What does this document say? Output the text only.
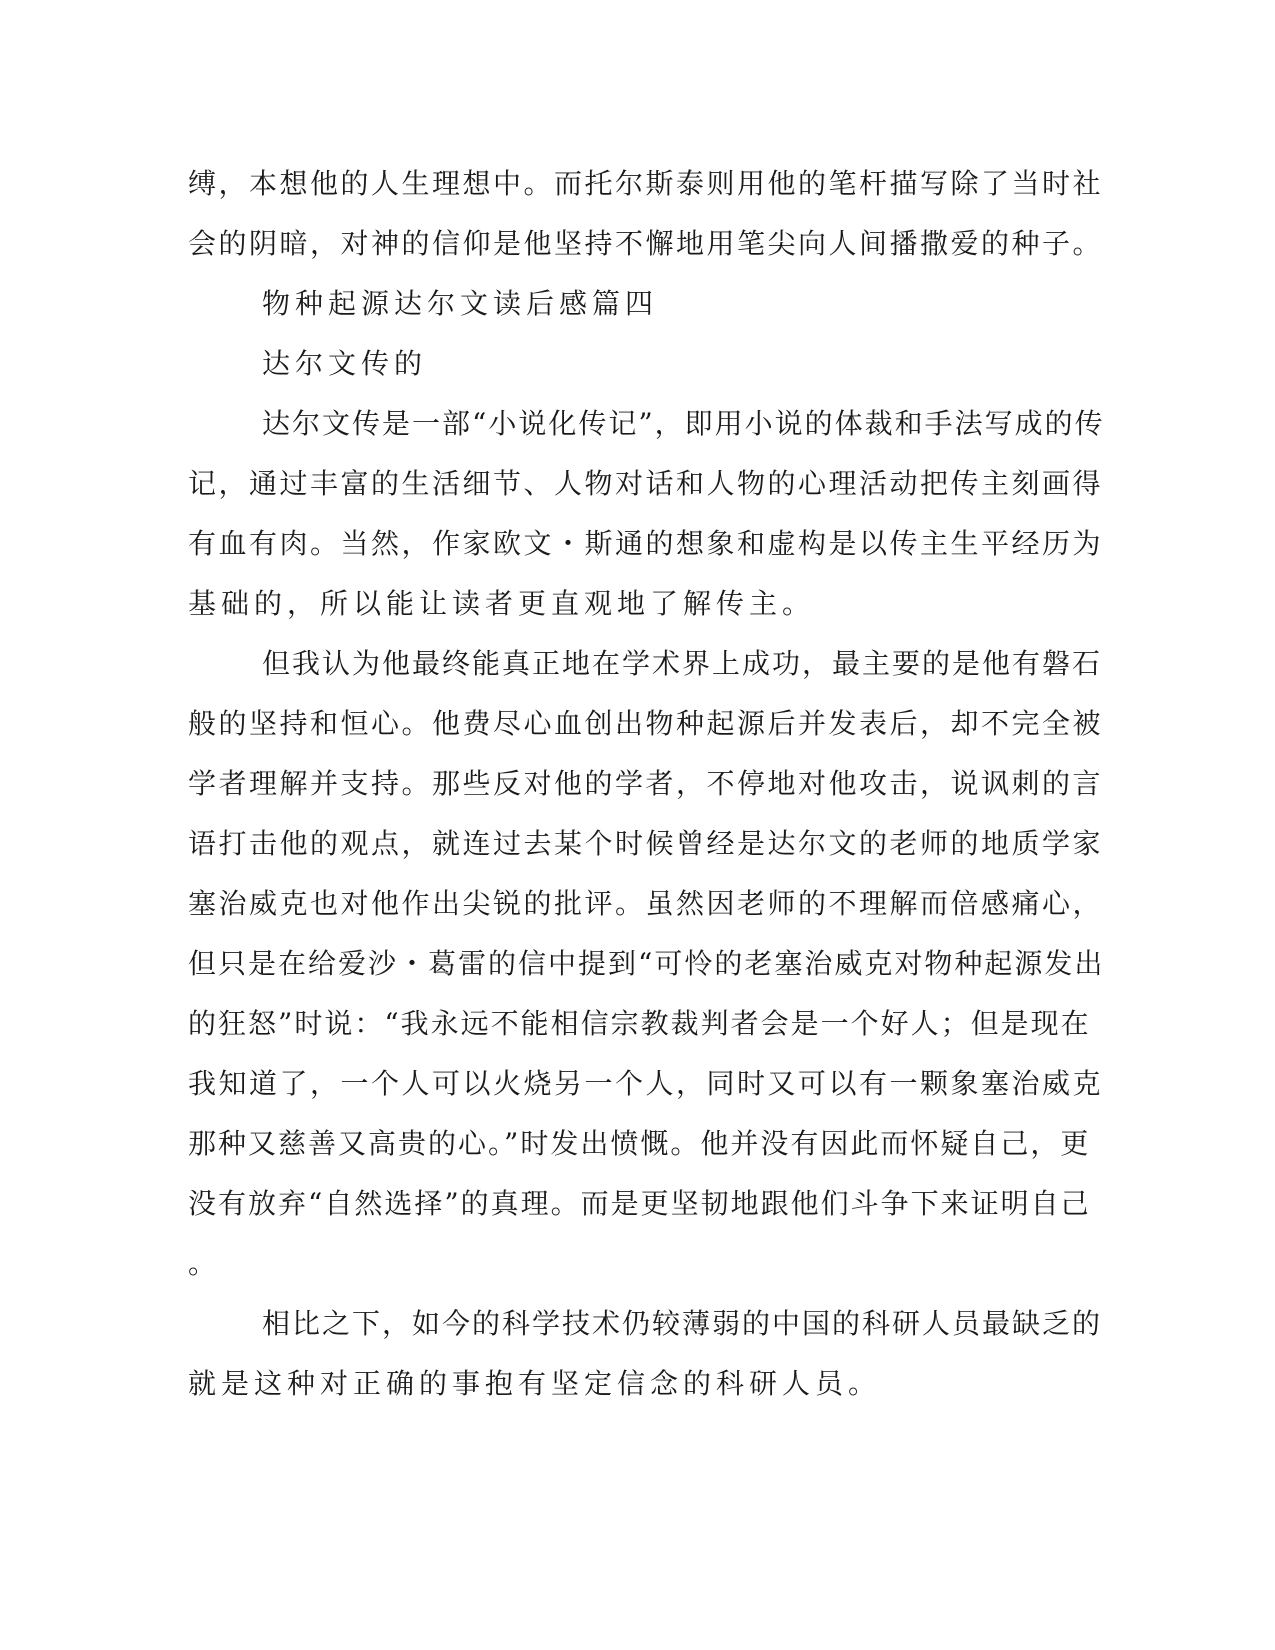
缚，本想他的人生理想中。而托尔斯泰则用他的笔杆描写除了当时社
会的阴暗，对神的信仰是他坚持不懈地用笔尖向人间播撒爱的种子。
物种起源达尔文读后感篇四
达尔文传的
达尔文传是一部“小说化传记”，即用小说的体裁和手法写成的传
记，通过丰富的生活细节、人物对话和人物的心理活动把传主刻画得
有血有肉。当然，作家欧文・斯通的想象和虚构是以传主生平经历为
基础的，所以能让读者更直观地了解传主。
但我认为他最终能真正地在学术界上成功，最主要的是他有磐石
般的坚持和恒心。他费尽心血创出物种起源后并发表后，却不完全被
学者理解并支持。那些反对他的学者，不停地对他攻击，说讽刺的言
语打击他的观点，就连过去某个时候曾经是达尔文的老师的地质学家
塞治威克也对他作出尖锐的批评。虽然因老师的不理解而倍感痛心，
但只是在给爱沙・葛雷的信中提到“可怜的老塞治威克对物种起源发出
的狂怒”时说：“我永远不能相信宗教裁判者会是一个好人；但是现在
我知道了，一个人可以火烧另一个人，同时又可以有一颗象塞治威克
那种又慈善又高贵的心。”时发出愤慨。他并没有因此而怀疑自己，更
没有放弃“自然选择”的真理。而是更坚韧地跟他们斗争下来证明自己
。
相比之下，如今的科学技术仍较薄弱的中国的科研人员最缺乏的
就是这种对正确的事抱有坚定信念的科研人员。
